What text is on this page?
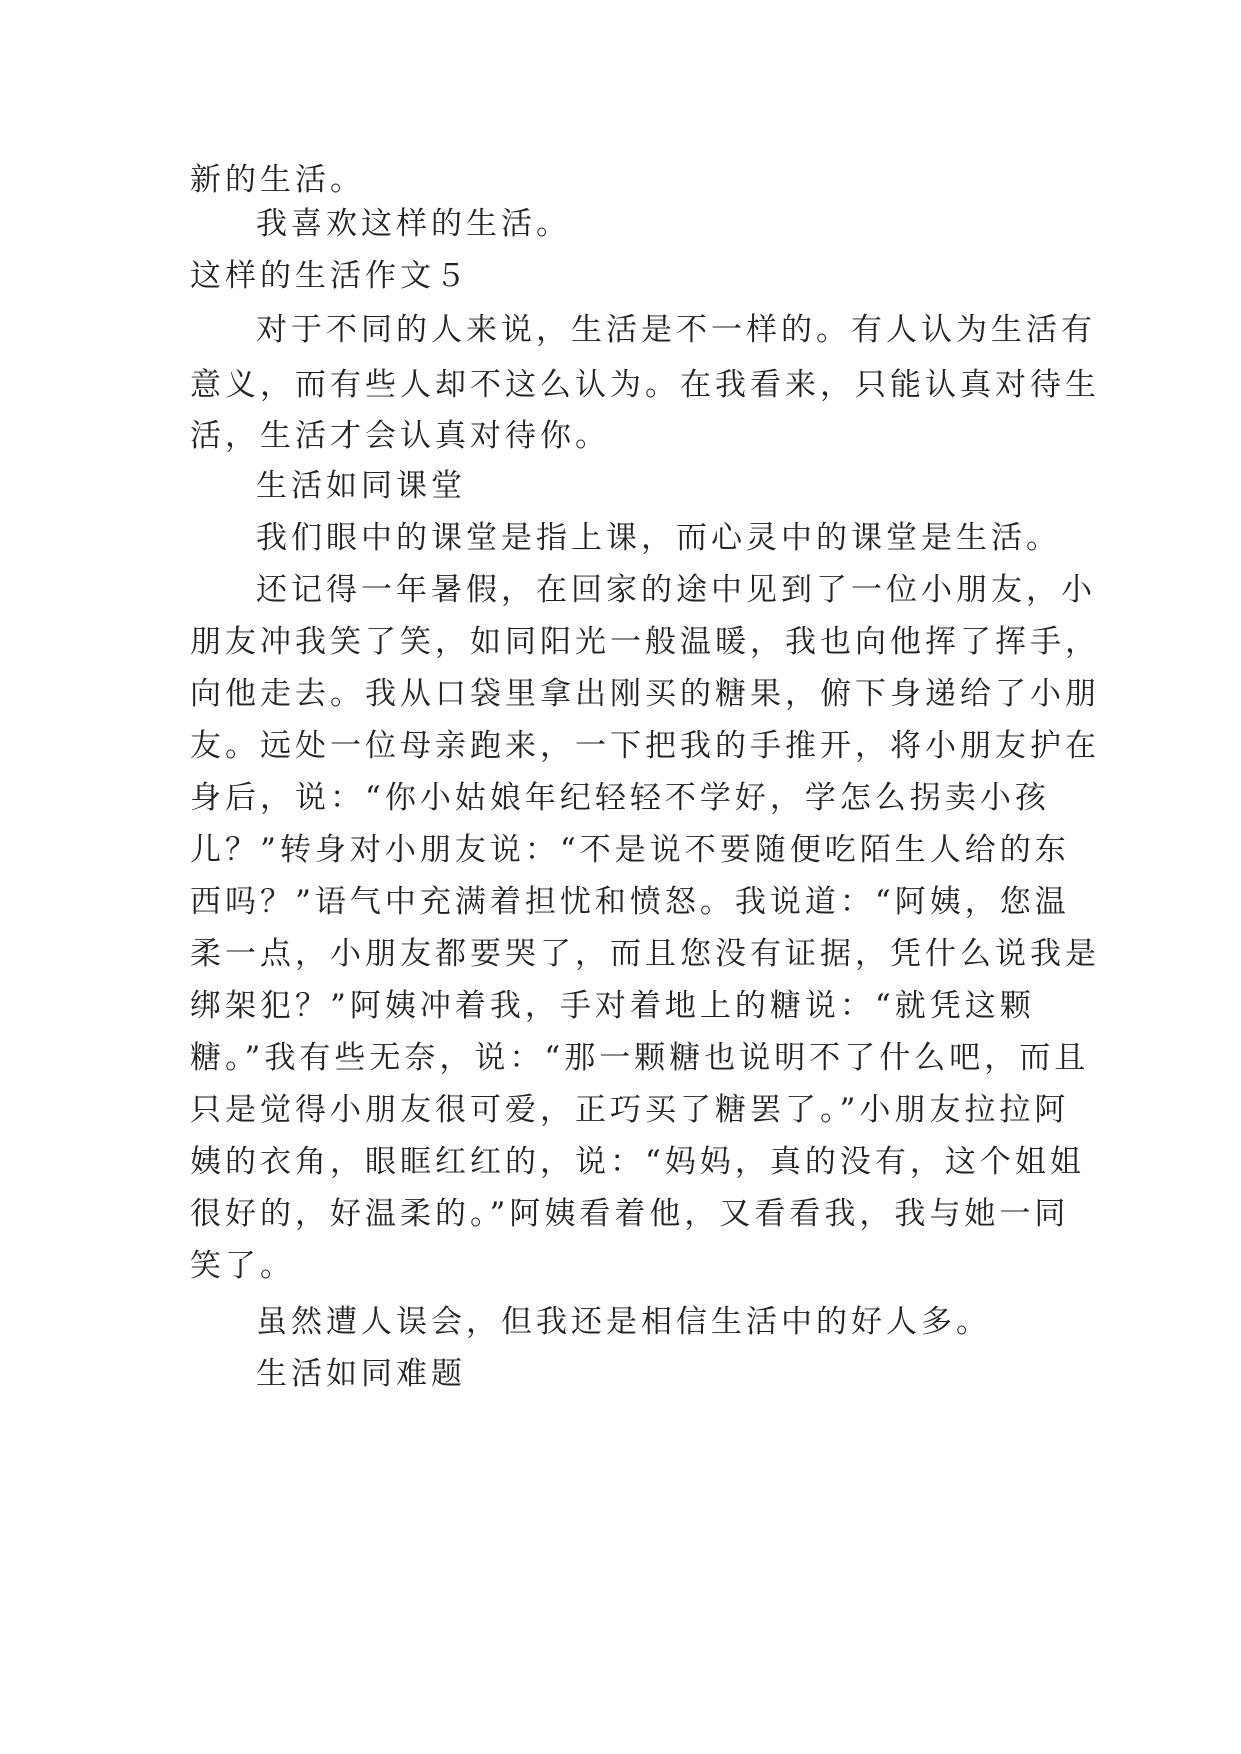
新的生活。
我喜欢这样的生活。
这样的生活作文５
对于不同的人来说，生活是不一样的。有人认为生活有
意义，而有些人却不这么认为。在我看来，只能认真对待生
活，生活才会认真对待你。
生活如同课堂
我们眼中的课堂是指上课，而心灵中的课堂是生活。
还记得一年暑假，在回家的途中见到了一位小朋友，小
朋友冲我笑了笑，如同阳光一般温暖，我也向他挥了挥手，
向他走去。我从口袋里拿出刚买的糖果，俯下身递给了小朋
友。远处一位母亲跑来，一下把我的手推开，将小朋友护在
身后，说：“你小姑娘年纪轻轻不学好，学怎么拐卖小孩
儿？”转身对小朋友说：“不是说不要随便吃陌生人给的东
西吗？”语气中充满着担忧和愤怒。我说道：“阿姨，您温
柔一点，小朋友都要哭了，而且您没有证据，凭什么说我是
绑架犯？”阿姨冲着我，手对着地上的糖说：“就凭这颗
糖。”我有些无奈，说：“那一颗糖也说明不了什么吧，而且
只是觉得小朋友很可爱，正巧买了糖罢了。”小朋友拉拉阿
姨的衣角，眼眶红红的，说：“妈妈，真的没有，这个姐姐
很好的，好温柔的。”阿姨看着他，又看看我，我与她一同
笑了。
虽然遭人误会，但我还是相信生活中的好人多。
生活如同难题
